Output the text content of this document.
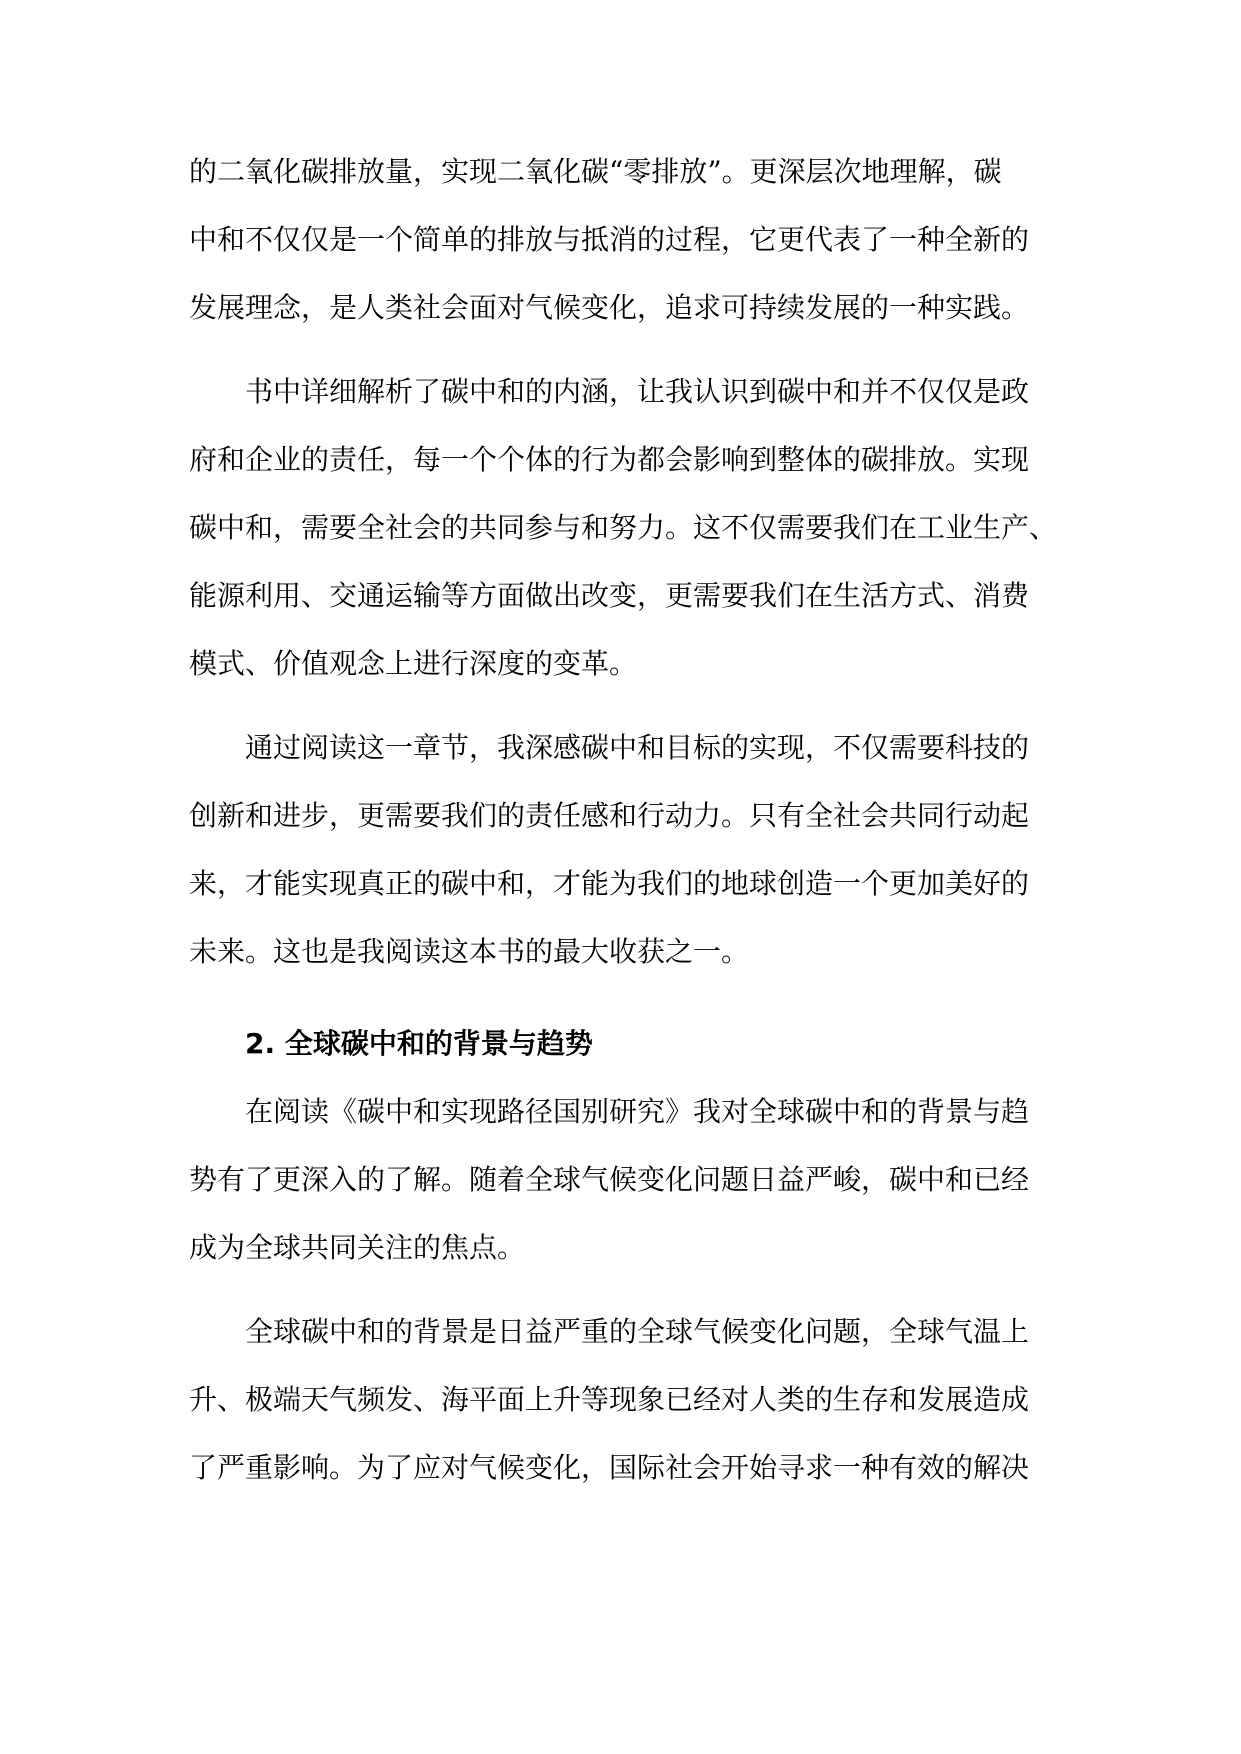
的二氧化碳排放量，实现二氧化碳“零排放”。更深层次地理解，碳
中和不仅仅是一个简单的排放与抵消的过程，它更代表了一种全新的
发展理念，是人类社会面对气候变化，追求可持续发展的一种实践。
书中详细解析了碳中和的内涵，让我认识到碳中和并不仅仅是政
府和企业的责任，每一个个体的行为都会影响到整体的碳排放。实现
碳中和，需要全社会的共同参与和努力。这不仅需要我们在工业生产、
能源利用、交通运输等方面做出改变，更需要我们在生活方式、消费
模式、价值观念上进行深度的变革。
通过阅读这一章节，我深感碳中和目标的实现，不仅需要科技的
创新和进步，更需要我们的责任感和行动力。只有全社会共同行动起
来，才能实现真正的碳中和，才能为我们的地球创造一个更加美好的
未来。这也是我阅读这本书的最大收获之一。
2. 全球碳中和的背景与趋势
在阅读《碳中和实现路径国别研究》我对全球碳中和的背景与趋
势有了更深入的了解。随着全球气候变化问题日益严峻，碳中和已经
成为全球共同关注的焦点。
全球碳中和的背景是日益严重的全球气候变化问题，全球气温上
升、极端天气频发、海平面上升等现象已经对人类的生存和发展造成
了严重影响。为了应对气候变化，国际社会开始寻求一种有效的解决
